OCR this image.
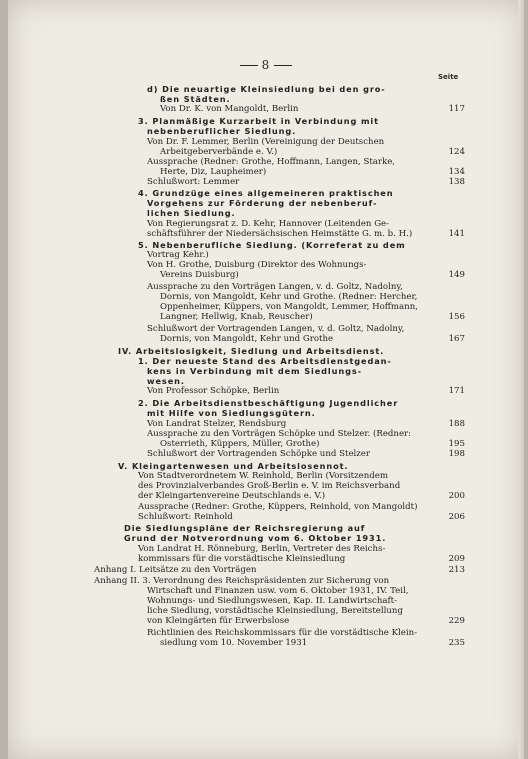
8
Seite
d) Die neuartige Kleinsiedlung bei den gro-
ßen Städten.
Von Dr. K. von Mangoldt, Berlin	117
3. Planmäßige Kurzarbeit in Verbindung mit
nebenberuflicher Siedlung.
Von Dr. F. Lemmer, Berlin (Vereinigung der Deutschen
Arbeitgeberverbände e. V.)	124
Aussprache (Redner: Grothe, Hoffmann, Langen, Starke,
Herte, Diz, Laupheimer)	134
Schlußwort: Lemmer	138
4. Grundzüge eines allgemeineren praktischen
Vorgehens zur Förderung der nebenberuf-
lichen Siedlung.
Von Regierungsrat z. D. Kehr, Hannover (Leitenden Ge-
schäftsführer der Niedersächsischen Heimstätte G. m. b. H.)	141
5. Nebenberufliche Siedlung. (Korreferat zu dem
Vortrag Kehr.)
Von H. Grothe, Duisburg (Direktor des Wohnungs-
Vereins Duisburg)	149
Aussprache zu den Vorträgen Langen, v. d. Goltz, Nadolny,
Dornis, von Mangoldt, Kehr und Grothe. (Redner: Hercher,
Oppenheimer, Küppers, von Mangoldt, Lemmer, Hoffmann,
Langner, Hellwig, Knab, Reuscher)	156
Schlußwort der Vortragenden Langen, v. d. Goltz, Nadolny,
Dornis, von Mangoldt, Kehr und Grothe	167
IV. Arbeitslosigkeit, Siedlung und Arbeitsdienst.
1. Der neueste Stand des Arbeitsdienstgedan-
kens in Verbindung mit dem Siedlungs-
wesen.
Von Professor Schöpke, Berlin	171
2. Die Arbeitsdienstbeschäftigung Jugendlicher
mit Hilfe von Siedlungsgütern.
Von Landrat Stelzer, Rendsburg	188
Aussprache zu den Vorträgen Schöpke und Stelzer. (Redner:
Osterrieth, Küppers, Müller, Grothe)	195
Schlußwort der Vortragenden Schöpke und Stelzer	198
V. Kleingartenwesen und Arbeitslosennot.
Von Stadtverordnetem W. Reinhold, Berlin (Vorsitzendem
des Provinzialverbandes Groß-Berlin e. V. im Reichsverband
der Kleingartenvereine Deutschlands e. V.)	200
Aussprache (Redner: Grothe, Küppers, Reinhold, von Mangoldt)
Schlußwort: Reinhold	206
Die Siedlungspläne der Reichsregierung auf
Grund der Notverordnung vom 6. Oktober 1931.
Von Landrat H. Rönneburg, Berlin, Vertreter des Reichs-
kommissars für die vorstädtische Kleinsiedlung	209
Anhang I. Leitsätze zu den Vorträgen	213
Anhang II. 3. Verordnung des Reichspräsidenten zur Sicherung von
Wirtschaft und Finanzen usw. vom 6. Oktober 1931, IV. Teil,
Wohnungs- und Siedlungswesen, Kap. II. Landwirtschaft-
liche Siedlung, vorstädtische Kleinsiedlung, Bereitstellung
von Kleingärten für Erwerbslose	229
Richtlinien des Reichskommissars für die vorstädtische Klein-
siedlung vom 10. November 1931	235
